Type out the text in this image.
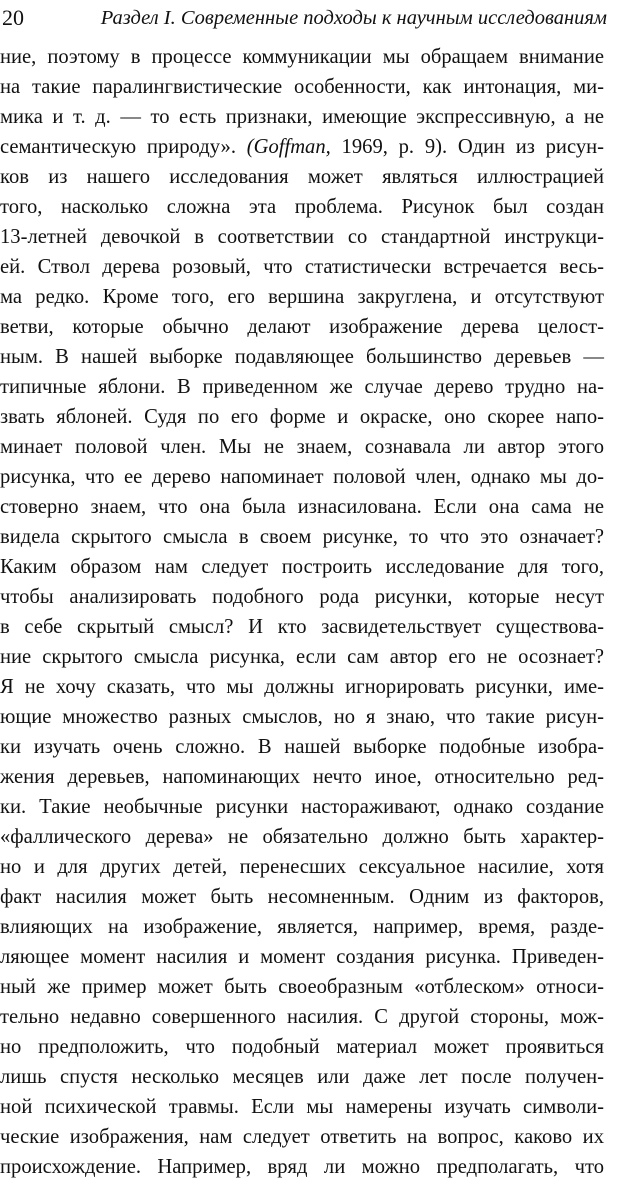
20	Раздел I. Современные подходы к научным исследованиям
ние, поэтому в процессе коммуникации мы обращаем внимание
на такие паралингвистические особенности, как интонация, ми-
мика и т. д. — то есть признаки, имеющие экспрессивную, а не
семантическую природу». (Goffman, 1969, р. 9). Один из рисун-
ков из нашего исследования может являться иллюстрацией
того, насколько сложна эта проблема. Рисунок был создан
13-летней девочкой в соответствии со стандартной инструкци-
ей. Ствол дерева розовый, что статистически встречается весь-
ма редко. Кроме того, его вершина закруглена, и отсутствуют
ветви, которые обычно делают изображение дерева целост-
ным. В нашей выборке подавляющее большинство деревьев —
типичные яблони. В приведенном же случае дерево трудно на-
звать яблоней. Судя по его форме и окраске, оно скорее напо-
минает половой член. Мы не знаем, сознавала ли автор этого
рисунка, что ее дерево напоминает половой член, однако мы до-
стоверно знаем, что она была изнасилована. Если она сама не
видела скрытого смысла в своем рисунке, то что это означает?
Каким образом нам следует построить исследование для того,
чтобы анализировать подобного рода рисунки, которые несут
в себе скрытый смысл? И кто засвидетельствует существова-
ние скрытого смысла рисунка, если сам автор его не осознает?
Я не хочу сказать, что мы должны игнорировать рисунки, име-
ющие множество разных смыслов, но я знаю, что такие рисун-
ки изучать очень сложно. В нашей выборке подобные изобра-
жения деревьев, напоминающих нечто иное, относительно ред-
ки. Такие необычные рисунки настораживают, однако создание
«фаллического дерева» не обязательно должно быть характер-
но и для других детей, перенесших сексуальное насилие, хотя
факт насилия может быть несомненным. Одним из факторов,
влияющих на изображение, является, например, время, разде-
ляющее момент насилия и момент создания рисунка. Приведен-
ный же пример может быть своеобразным «отблеском» относи-
тельно недавно совершенного насилия. С другой стороны, мож-
но предположить, что подобный материал может проявиться
лишь спустя несколько месяцев или даже лет после получен-
ной психической травмы. Если мы намерены изучать символи-
ческие изображения, нам следует ответить на вопрос, каково их
происхождение. Например, вряд ли можно предполагать, что
